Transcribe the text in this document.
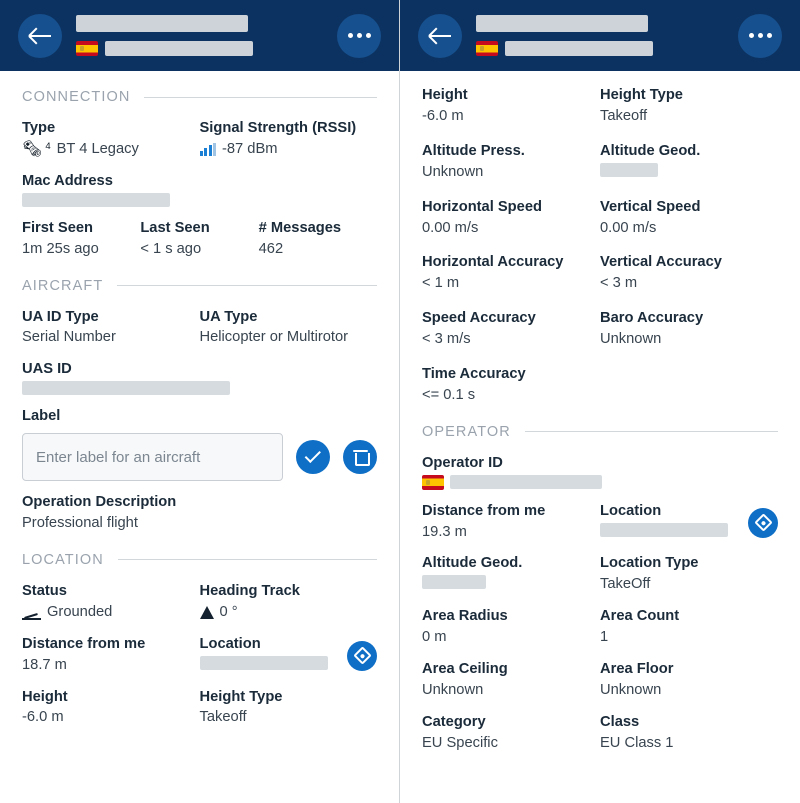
CONNECTION
Type
🗞 4 BT 4 Legacy
Signal Strength (RSSI)
-87 dBm
Mac Address
First Seen
1m 25s ago
Last Seen
< 1 s ago
# Messages
462
AIRCRAFT
UA ID Type
Serial Number
UA Type
Helicopter or Multirotor
UAS ID
Label
Enter label for an aircraft
Operation Description
Professional flight
LOCATION
Status
Grounded
Heading Track
0 °
Distance from me
18.7 m
Location
Height
-6.0 m
Height Type
Takeoff
Height
-6.0 m
Height Type
Takeoff
Altitude Press.
Unknown
Altitude Geod.
Horizontal Speed
0.00 m/s
Vertical Speed
0.00 m/s
Horizontal Accuracy
< 1 m
Vertical Accuracy
< 3 m
Speed Accuracy
< 3 m/s
Baro Accuracy
Unknown
Time Accuracy
<= 0.1 s
OPERATOR
Operator ID
Distance from me
19.3 m
Location
Altitude Geod.	Location Type
TakeOff
Area Radius
0 m
Area Count
1
Area Ceiling
Unknown
Area Floor
Unknown
Category
EU Specific
Class
EU Class 1
